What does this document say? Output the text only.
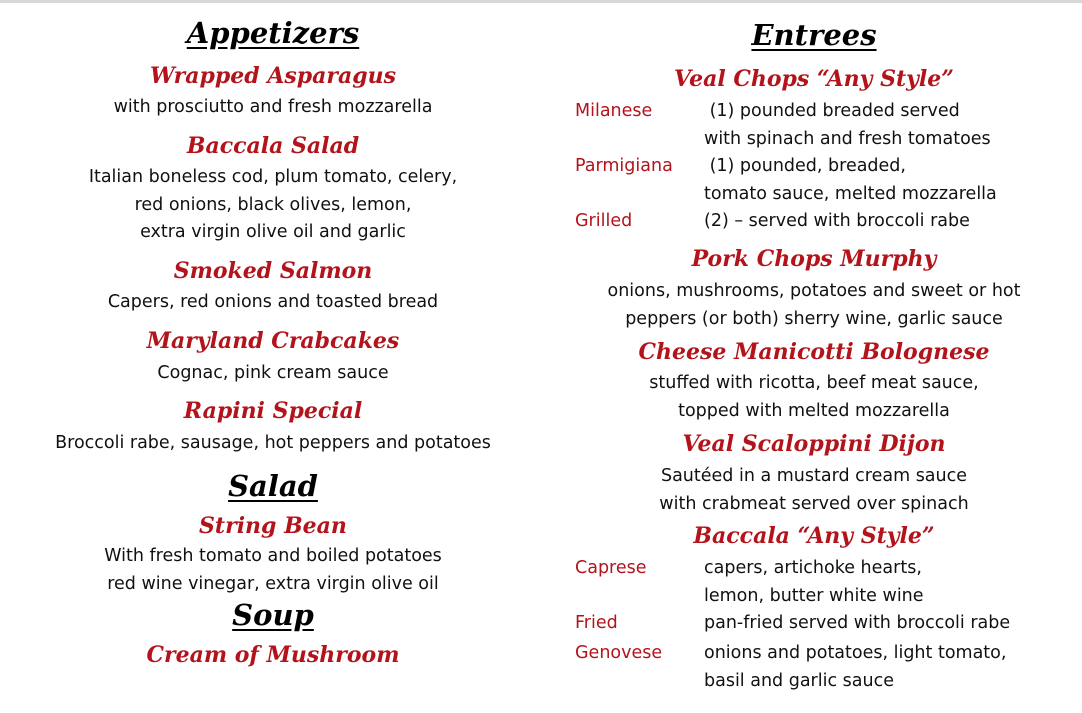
Appetizers
Wrapped Asparagus
with prosciutto and fresh mozzarella
Baccala Salad
Italian boneless cod, plum tomato, celery,
red onions, black olives, lemon,
extra virgin olive oil and garlic
Smoked Salmon
Capers, red onions and toasted bread
Maryland Crabcakes
Cognac, pink cream sauce
Rapini Special
Broccoli rabe, sausage, hot peppers and potatoes
Salad
String Bean
With fresh tomato and boiled potatoes
red wine vinegar, extra virgin olive oil
Soup
Cream of Mushroom
Entrees
Veal Chops “Any Style”
Milanese	(1) pounded breaded served
with spinach and fresh tomatoes
Parmigiana (1) pounded, breaded,
tomato sauce, melted mozzarella
Grilled	(2) – served with broccoli rabe
Pork Chops Murphy
onions, mushrooms, potatoes and sweet or hot
peppers (or both) sherry wine, garlic sauce
Cheese Manicotti Bolognese
stuffed with ricotta, beef meat sauce,
topped with melted mozzarella
Veal Scaloppini Dijon
Sautéed in a mustard cream sauce
with crabmeat served over spinach
Baccala “Any Style”
Caprese	capers, artichoke hearts,
lemon, butter white wine
Fried	pan-fried served with broccoli rabe
Genovese onions and potatoes, light tomato,
basil and garlic sauce
